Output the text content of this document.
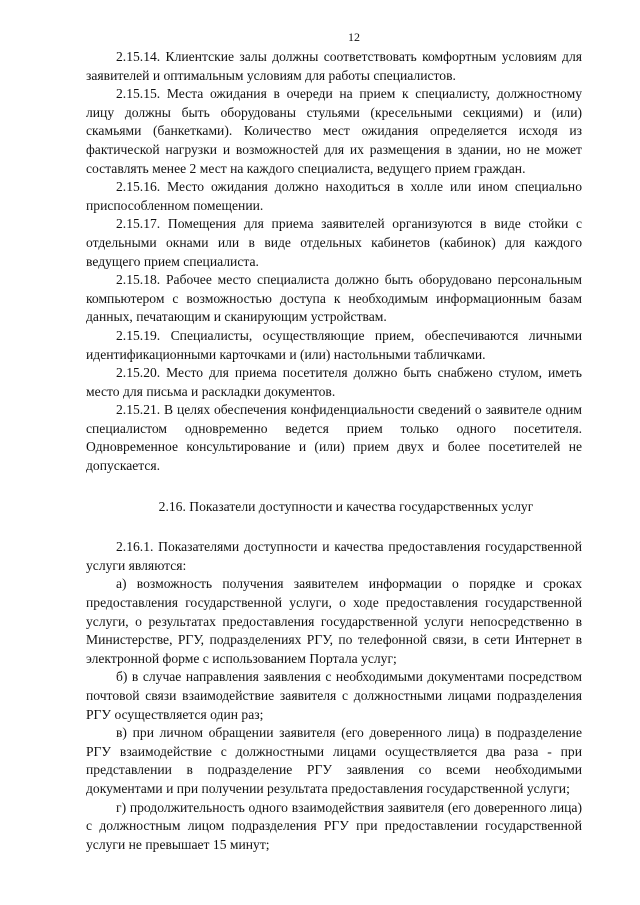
12

2.15.14. Клиентские залы должны соответствовать комфортным условиям для заявителей и оптимальным условиям для работы специалистов.

2.15.15. Места ожидания в очереди на прием к специалисту, должностному лицу должны быть оборудованы стульями (кресельными секциями) и (или) скамьями (банкетками). Количество мест ожидания определяется исходя из фактической нагрузки и возможностей для их размещения в здании, но не может составлять менее 2 мест на каждого специалиста, ведущего прием граждан.

2.15.16. Место ожидания должно находиться в холле или ином специально приспособленном помещении.

2.15.17. Помещения для приема заявителей организуются в виде стойки с отдельными окнами или в виде отдельных кабинетов (кабинок) для каждого ведущего прием специалиста.

2.15.18. Рабочее место специалиста должно быть оборудовано персональным компьютером с возможностью доступа к необходимым информационным базам данных, печатающим и сканирующим устройствам.

2.15.19. Специалисты, осуществляющие прием, обеспечиваются личными идентификационными карточками и (или) настольными табличками.

2.15.20. Место для приема посетителя должно быть снабжено стулом, иметь место для письма и раскладки документов.

2.15.21. В целях обеспечения конфиденциальности сведений о заявителе одним специалистом одновременно ведется прием только одного посетителя. Одновременное консультирование и (или) прием двух и более посетителей не допускается.

2.16. Показатели доступности и качества государственных услуг

2.16.1. Показателями доступности и качества предоставления государственной услуги являются:

а) возможность получения заявителем информации о порядке и сроках предоставления государственной услуги, о ходе предоставления государственной услуги, о результатах предоставления государственной услуги непосредственно в Министерстве, РГУ, подразделениях РГУ, по телефонной связи, в сети Интернет в электронной форме с использованием Портала услуг;

б) в случае направления заявления с необходимыми документами посредством почтовой связи взаимодействие заявителя с должностными лицами подразделения РГУ осуществляется один раз;

в) при личном обращении заявителя (его доверенного лица) в подразделение РГУ взаимодействие с должностными лицами осуществляется два раза - при представлении в подразделение РГУ заявления со всеми необходимыми документами и при получении результата предоставления государственной услуги;

г) продолжительность одного взаимодействия заявителя (его доверенного лица) с должностным лицом подразделения РГУ при предоставлении государственной услуги не превышает 15 минут;
